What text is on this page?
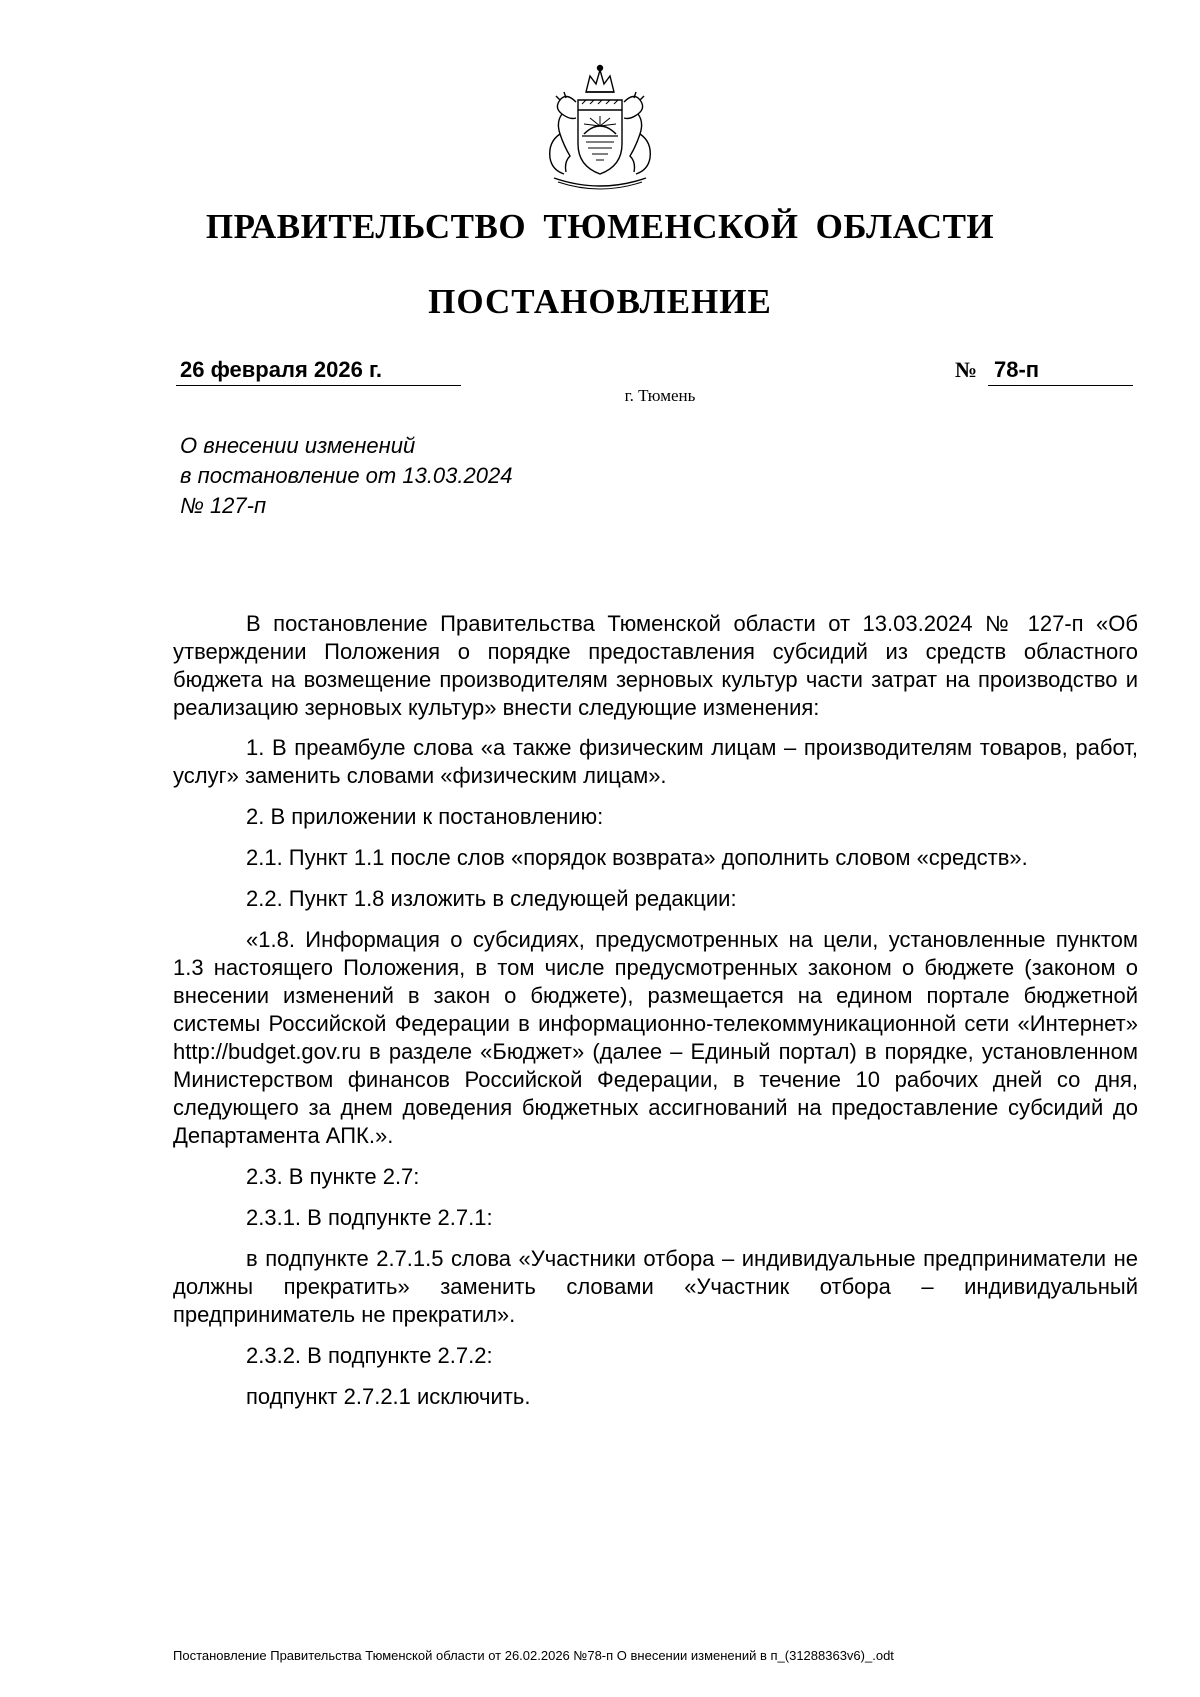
ПРАВИТЕЛЬСТВО ТЮМЕНСКОЙ ОБЛАСТИ
ПОСТАНОВЛЕНИЕ
26 февраля 2026 г.	№ 78-п
г. Тюмень
О внесении изменений
в постановление от 13.03.2024
№ 127-п

В постановление Правительства Тюменской области от 13.03.2024 № 127-п «Об утверждении Положения о порядке предоставления субсидий из средств областного бюджета на возмещение производителям зерновых культур части затрат на производство и реализацию зерновых культур» внести следующие изменения:

1. В преамбуле слова «а также физическим лицам – производителям товаров, работ, услуг» заменить словами «физическим лицам».

2. В приложении к постановлению:

2.1. Пункт 1.1 после слов «порядок возврата» дополнить словом «средств».

2.2. Пункт 1.8 изложить в следующей редакции:

«1.8. Информация о субсидиях, предусмотренных на цели, установленные пунктом 1.3 настоящего Положения, в том числе предусмотренных законом о бюджете (законом о внесении изменений в закон о бюджете), размещается на едином портале бюджетной системы Российской Федерации в информационно-телекоммуникационной сети «Интернет» http://budget.gov.ru в разделе «Бюджет» (далее – Единый портал) в порядке, установленном Министерством финансов Российской Федерации, в течение 10 рабочих дней со дня, следующего за днем доведения бюджетных ассигнований на предоставление субсидий до Департамента АПК.».

2.3. В пункте 2.7:

2.3.1. В подпункте 2.7.1:

в подпункте 2.7.1.5 слова «Участники отбора – индивидуальные предприниматели не должны прекратить» заменить словами «Участник отбора – индивидуальный предприниматель не прекратил».

2.3.2. В подпункте 2.7.2:

подпункт 2.7.2.1 исключить.

Постановление Правительства Тюменской области от 26.02.2026 №78-п О внесении изменений в п_(31288363v6)_.odt
